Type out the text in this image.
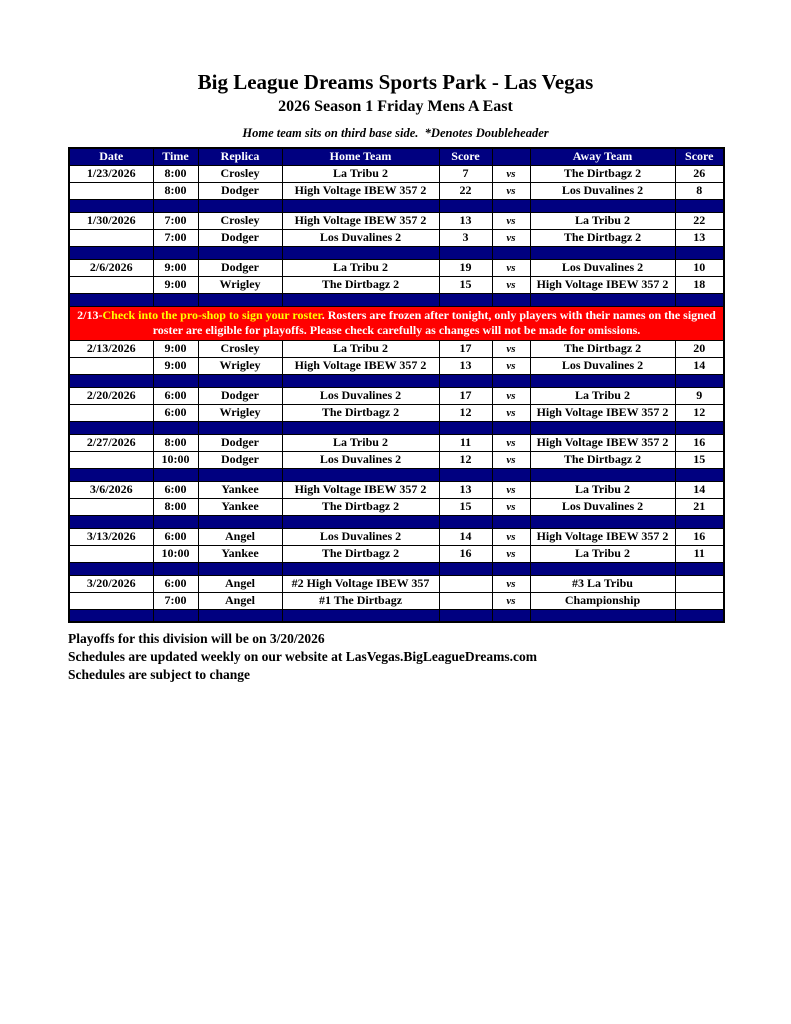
Big League Dreams Sports Park - Las Vegas
2026 Season 1 Friday Mens A East
Home team sits on third base side.  *Denotes Doubleheader
Date	Time	Replica	Home Team	Score		Away Team	Score
1/23/2026	8:00	Crosley	La Tribu 2	7	vs	The Dirtbagz 2	26
	8:00	Dodger	High Voltage IBEW 357 2	22	vs	Los Duvalines 2	8

1/30/2026	7:00	Crosley	High Voltage IBEW 357 2	13	vs	La Tribu 2	22
	7:00	Dodger	Los Duvalines 2	3	vs	The Dirtbagz 2	13

2/6/2026	9:00	Dodger	La Tribu 2	19	vs	Los Duvalines 2	10
	9:00	Wrigley	The Dirtbagz 2	15	vs	High Voltage IBEW 357 2	18

2/13-Check into the pro-shop to sign your roster. Rosters are frozen after tonight, only players with their names on the signed roster are eligible for playoffs. Please check carefully as changes will not be made for omissions.							
2/13/2026	9:00	Crosley	La Tribu 2	17	vs	The Dirtbagz 2	20
	9:00	Wrigley	High Voltage IBEW 357 2	13	vs	Los Duvalines 2	14

2/20/2026	6:00	Dodger	Los Duvalines 2	17	vs	La Tribu 2	9
	6:00	Wrigley	The Dirtbagz 2	12	vs	High Voltage IBEW 357 2	12

2/27/2026	8:00	Dodger	La Tribu 2	11	vs	High Voltage IBEW 357 2	16
	10:00	Dodger	Los Duvalines 2	12	vs	The Dirtbagz 2	15

3/6/2026	6:00	Yankee	High Voltage IBEW 357 2	13	vs	La Tribu 2	14
	8:00	Yankee	The Dirtbagz 2	15	vs	Los Duvalines 2	21

3/13/2026	6:00	Angel	Los Duvalines 2	14	vs	High Voltage IBEW 357 2	16
	10:00	Yankee	The Dirtbagz 2	16	vs	La Tribu 2	11

3/20/2026	6:00	Angel	#2 High Voltage IBEW 357		vs	#3 La Tribu	
	7:00	Angel	#1 The Dirtbagz		vs	Championship	

Playoffs for this division will be on 3/20/2026
Schedules are updated weekly on our website at LasVegas.BigLeagueDreams.com
Schedules are subject to change
